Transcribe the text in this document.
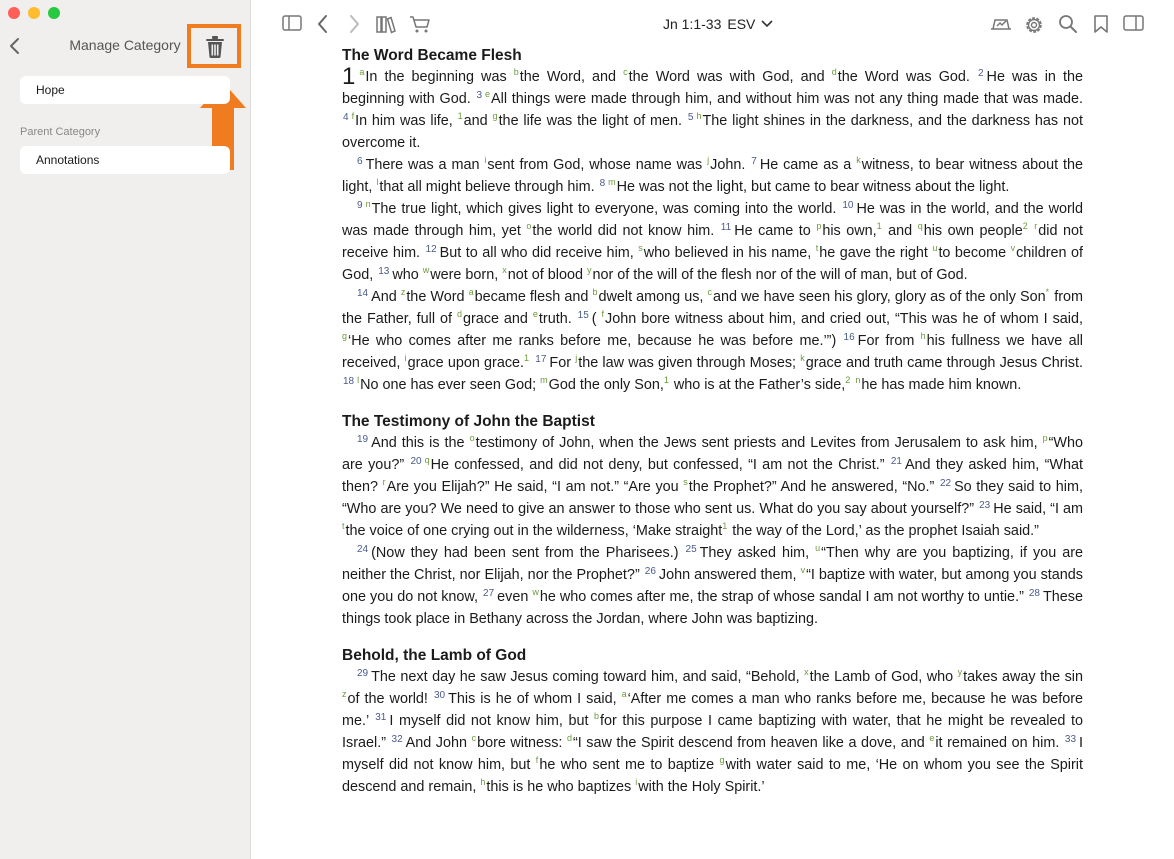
Manage Category
Hope
Parent Category
Annotations
Jn 1:1-33 ESV
The Word Became Flesh

1 $^a$In the beginning was $^b$the Word, and $^c$the Word was with God, and $^d$the Word was God. $^2$ He was in the beginning with God. $^3$ $^e$All things were made through him, and without him was not any thing made that was made. $^4$ $^f$In him was life, $^1$and $^g$the life was the light of men. $^5$ $^h$The light shines in the darkness, and the darkness has not overcome it.

$^6$ There was a man $^i$sent from God, whose name was $^j$John. $^7$ He came as a $^k$witness, to bear witness about the light, $^l$that all might believe through him. $^8$ $^m$He was not the light, but came to bear witness about the light.

$^9$ $^n$The true light, which gives light to everyone, was coming into the world. $^{10}$ He was in the world, and the world was made through him, yet $^o$the world did not know him. $^{11}$ He came to $^p$his own,$^1$ and $^q$his own people$^2$ $^r$did not receive him. $^{12}$ But to all who did receive him, $^s$who believed in his name, $^t$he gave the right $^u$to become $^v$children of God, $^{13}$ who $^w$were born, $^x$not of blood $^y$nor of the will of the flesh nor of the will of man, but of God.

$^{14}$ And $^z$the Word $^a$became flesh and $^b$dwelt among us, $^c$and we have seen his glory, glory as of the only Son* from the Father, full of $^d$grace and $^e$truth. $^{15}$ ( $^f$John bore witness about him, and cried out, “This was he of whom I said, $^g$‘He who comes after me ranks before me, because he was before me.’”) $^{16}$ For from $^h$his fullness we have all received, $^i$grace upon grace.$^1$ $^{17}$ For $^j$the law was given through Moses; $^k$grace and truth came through Jesus Christ. $^{18}$ $^l$No one has ever seen God; $^m$God the only Son,$^1$ who is at the Father’s side,$^2$ $^n$he has made him known.

The Testimony of John the Baptist

$^{19}$ And this is the $^o$testimony of John, when the Jews sent priests and Levites from Jerusalem to ask him, $^p$“Who are you?” $^{20}$ $^q$He confessed, and did not deny, but confessed, “I am not the Christ.” $^{21}$ And they asked him, “What then? $^r$Are you Elijah?” He said, “I am not.” “Are you $^s$the Prophet?” And he answered, “No.” $^{22}$ So they said to him, “Who are you? We need to give an answer to those who sent us. What do you say about yourself?” $^{23}$ He said, “I am $^t$the voice of one crying out in the wilderness, ‘Make straight$^1$ the way of the Lord,’ as the prophet Isaiah said.”

$^{24}$ (Now they had been sent from the Pharisees.) $^{25}$ They asked him, $^u$“Then why are you baptizing, if you are neither the Christ, nor Elijah, nor the Prophet?” $^{26}$ John answered them, $^v$“I baptize with water, but among you stands one you do not know, $^{27}$ even $^w$he who comes after me, the strap of whose sandal I am not worthy to untie.” $^{28}$ These things took place in Bethany across the Jordan, where John was baptizing.

Behold, the Lamb of God

$^{29}$ The next day he saw Jesus coming toward him, and said, “Behold, $^x$the Lamb of God, who $^y$takes away the sin $^z$of the world! $^{30}$ This is he of whom I said, $^a$‘After me comes a man who ranks before me, because he was before me.’ $^{31}$ I myself did not know him, but $^b$for this purpose I came baptizing with water, that he might be revealed to Israel.” $^{32}$ And John $^c$bore witness: $^d$“I saw the Spirit descend from heaven like a dove, and $^e$it remained on him. $^{33}$ I myself did not know him, but $^f$he who sent me to baptize $^g$with water said to me, ‘He on whom you see the Spirit descend and remain, $^h$this is he who baptizes $^i$with the Holy Spirit.’
